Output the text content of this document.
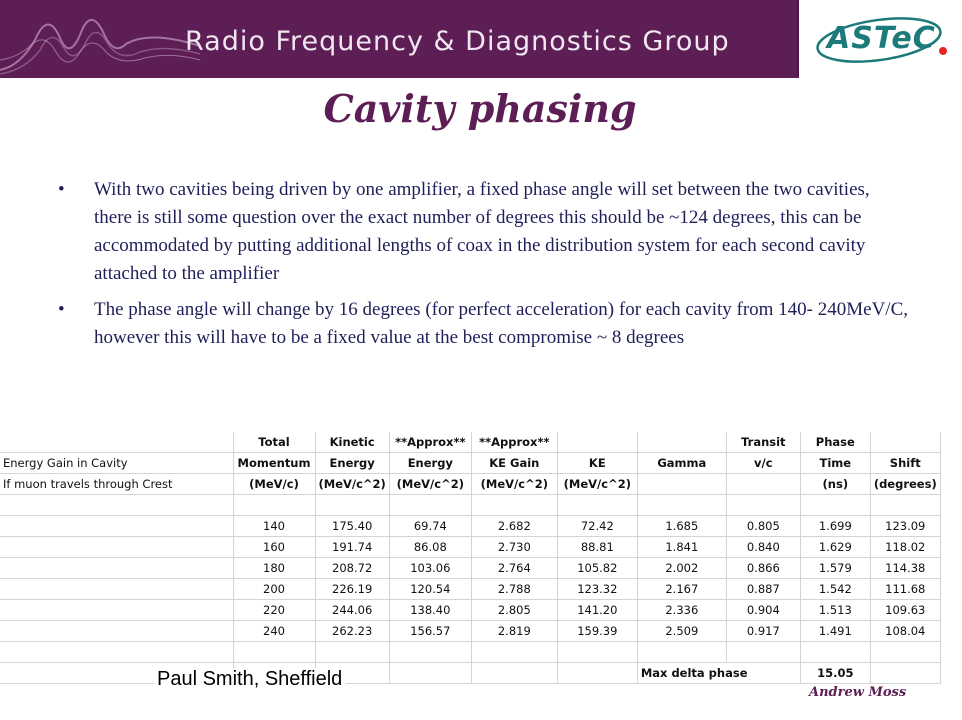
Radio Frequency & Diagnostics Group	ASTeC
Cavity phasing
• With two cavities being driven by one amplifier, a fixed phase angle will set between the two cavities, there is still some question over the exact number of degrees this should be ~124 degrees, this can be accommodated by putting additional lengths of coax in the distribution system for each second cavity attached to the amplifier
• The phase angle will change by 16 degrees (for perfect acceleration) for each cavity from 140- 240MeV/C, however this will have to be a fixed value at the best compromise ~ 8 degrees
	Total	Kinetic	**Approx**	**Approx**			Transit	Phase	
Energy Gain in Cavity	Momentum	Energy	Energy	KE Gain	KE	Gamma	v/c	Time	Shift
If muon travels through Crest	(MeV/c)	(MeV/c^2)	(MeV/c^2)	(MeV/c^2)	(MeV/c^2)			(ns)	(degrees)

	140	175.40	69.74	2.682	72.42	1.685	0.805	1.699	123.09
	160	191.74	86.08	2.730	88.81	1.841	0.840	1.629	118.02
	180	208.72	103.06	2.764	105.82	2.002	0.866	1.579	114.38
	200	226.19	120.54	2.788	123.32	2.167	0.887	1.542	111.68
	220	244.06	138.40	2.805	141.20	2.336	0.904	1.513	109.63
	240	262.23	156.57	2.819	159.39	2.509	0.917	1.491	108.04

						Max delta phase		15.05	
Paul Smith, Sheffield
Andrew Moss
